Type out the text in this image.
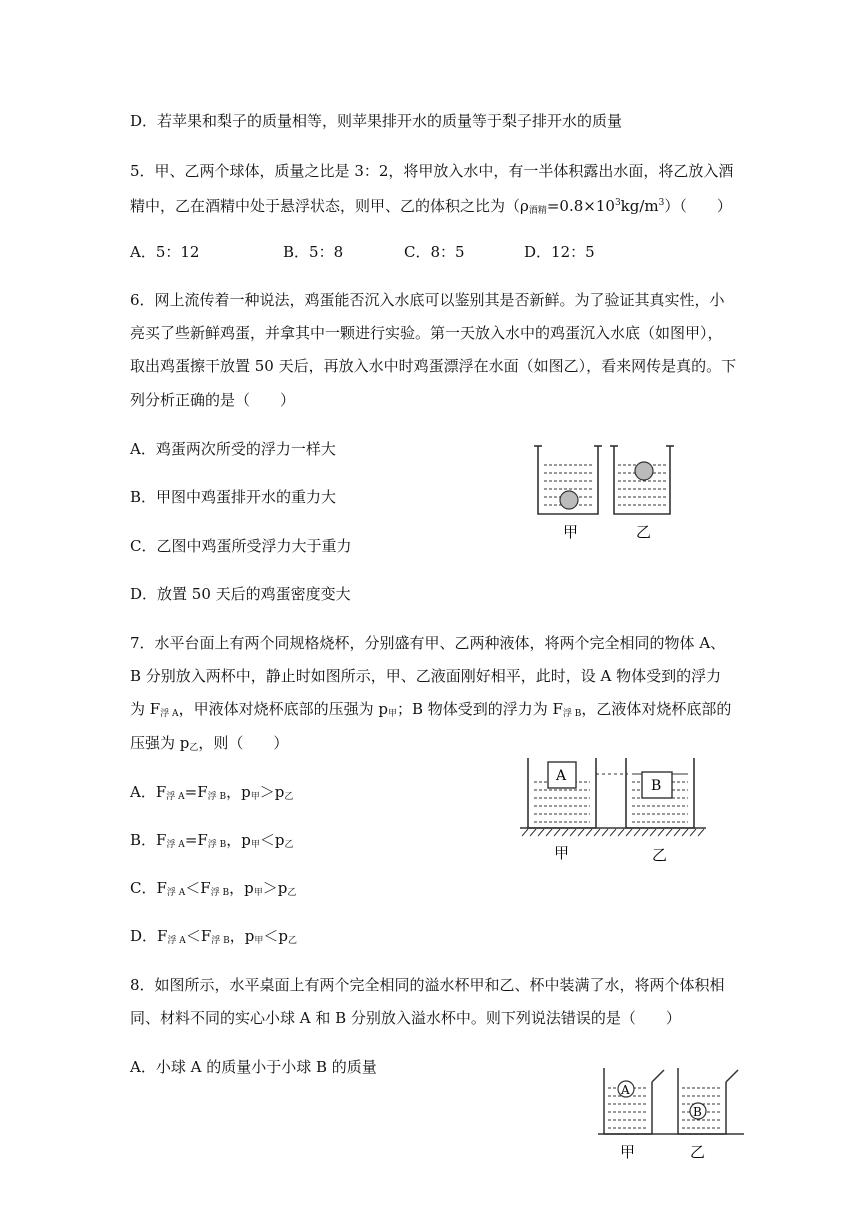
D．若苹果和梨子的质量相等，则苹果排开水的质量等于梨子排开水的质量
5．甲、乙两个球体，质量之比是 3：2，将甲放入水中，有一半体积露出水面，将乙放入酒
精中，乙在酒精中处于悬浮状态，则甲、乙的体积之比为$(\rho_{酒精}=0.8\times 10^3kg/m^3)$（　　）
A．5：12	B．5：8	C．8：5	D．12：5
6．网上流传着一种说法，鸡蛋能否沉入水底可以鉴别其是否新鲜。为了验证其真实性，小
亮买了些新鲜鸡蛋，并拿其中一颗进行实验。第一天放入水中的鸡蛋沉入水底（如图甲），
取出鸡蛋擦干放置 50 天后，再放入水中时鸡蛋漂浮在水面（如图乙），看来网传是真的。下
列分析正确的是（　　）
A．鸡蛋两次所受的浮力一样大
B．甲图中鸡蛋排开水的重力大
C．乙图中鸡蛋所受浮力大于重力
D．放置 50 天后的鸡蛋密度变大
甲	乙
7．水平台面上有两个同规格烧杯，分别盛有甲、乙两种液体，将两个完全相同的物体 A、
B 分别放入两杯中，静止时如图所示，甲、乙液面刚好相平，此时，设 A 物体受到的浮力
为 $F_{浮 A}$，甲液体对烧杯底部的压强为 $p_甲$；B 物体受到的浮力为 $F_{浮 B}$，乙液体对烧杯底部的
压强为 $p_乙$，则（　　）
A．$F_{浮 A}=F_{浮 B}$，$p_甲>p_乙$
B．$F_{浮 A}=F_{浮 B}$，$p_甲<p_乙$
C．$F_{浮 A}<F_{浮 B}$，$p_甲>p_乙$
D．$F_{浮 A}<F_{浮 B}$，$p_甲<p_乙$
A
B
甲	乙
8．如图所示，水平桌面上有两个完全相同的溢水杯甲和乙、杯中装满了水，将两个体积相
同、材料不同的实心小球 A 和 B 分别放入溢水杯中。则下列说法错误的是（　　）
A．小球 A 的质量小于小球 B 的质量
A
B
甲	乙
